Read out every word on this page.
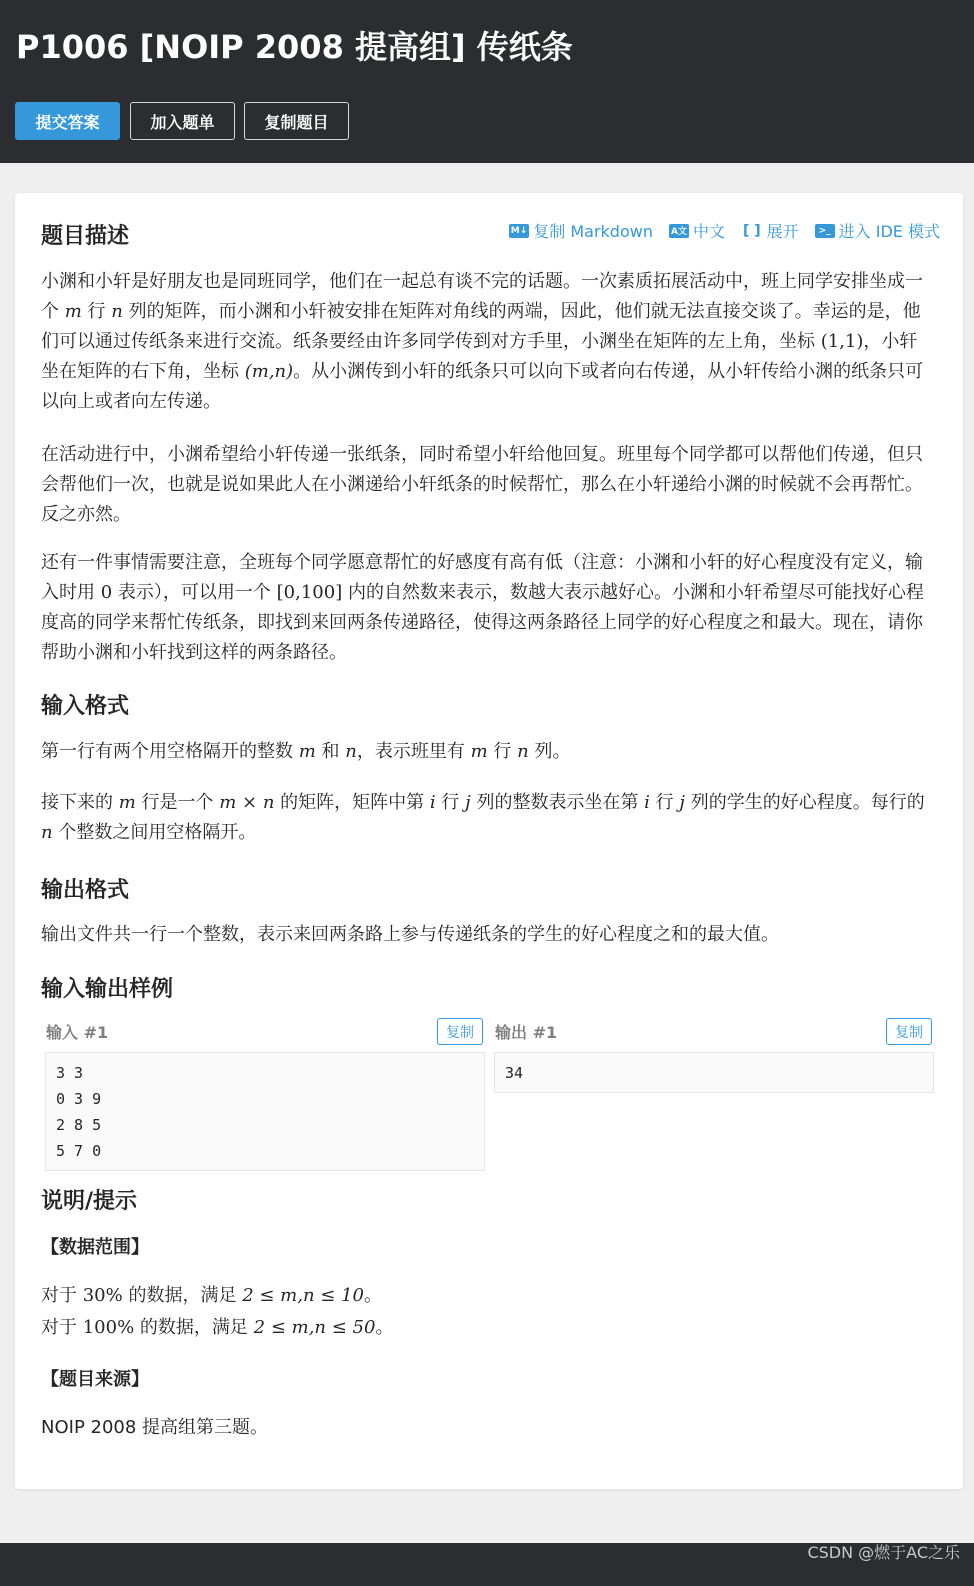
P1006 [NOIP 2008 提高组] 传纸条
提交答案	加入题单	复制题目
题目描述	M↓ 复制 Markdown A文 中文 [ ] 展开	>_ 进入 IDE 模式
小渊和小轩是好朋友也是同班同学，他们在一起总有谈不完的话题。一次素质拓展活动中，班上同学安排坐成一个 m 行 n 列的矩阵，而小渊和小轩被安排在矩阵对角线的两端，因此，他们就无法直接交谈了。幸运的是，他们可以通过传纸条来进行交流。纸条要经由许多同学传到对方手里，小渊坐在矩阵的左上角，坐标 (1,1)，小轩坐在矩阵的右下角，坐标 (m,n)。从小渊传到小轩的纸条只可以向下或者向右传递，从小轩传给小渊的纸条只可以向上或者向左传递。
在活动进行中，小渊希望给小轩传递一张纸条，同时希望小轩给他回复。班里每个同学都可以帮他们传递，但只会帮他们一次，也就是说如果此人在小渊递给小轩纸条的时候帮忙，那么在小轩递给小渊的时候就不会再帮忙。反之亦然。
还有一件事情需要注意，全班每个同学愿意帮忙的好感度有高有低（注意：小渊和小轩的好心程度没有定义，输入时用 0 表示），可以用一个 [0,100] 内的自然数来表示，数越大表示越好心。小渊和小轩希望尽可能找好心程度高的同学来帮忙传纸条，即找到来回两条传递路径，使得这两条路径上同学的好心程度之和最大。现在，请你帮助小渊和小轩找到这样的两条路径。
输入格式
第一行有两个用空格隔开的整数 m 和 n，表示班里有 m 行 n 列。
接下来的 m 行是一个 m × n 的矩阵，矩阵中第 i 行 j 列的整数表示坐在第 i 行 j 列的学生的好心程度。每行的 n 个整数之间用空格隔开。
输出格式
输出文件共一行一个整数，表示来回两条路上参与传递纸条的学生的好心程度之和的最大值。
输入输出样例
输入 #1	复制
3 3
0 3 9
2 8 5
5 7 0
输出 #1	复制
34
说明/提示
【数据范围】
对于 30% 的数据，满足 2 ≤ m,n ≤ 10。
对于 100% 的数据，满足 2 ≤ m,n ≤ 50。
【题目来源】
NOIP 2008 提高组第三题。
CSDN @燃于AC之乐
